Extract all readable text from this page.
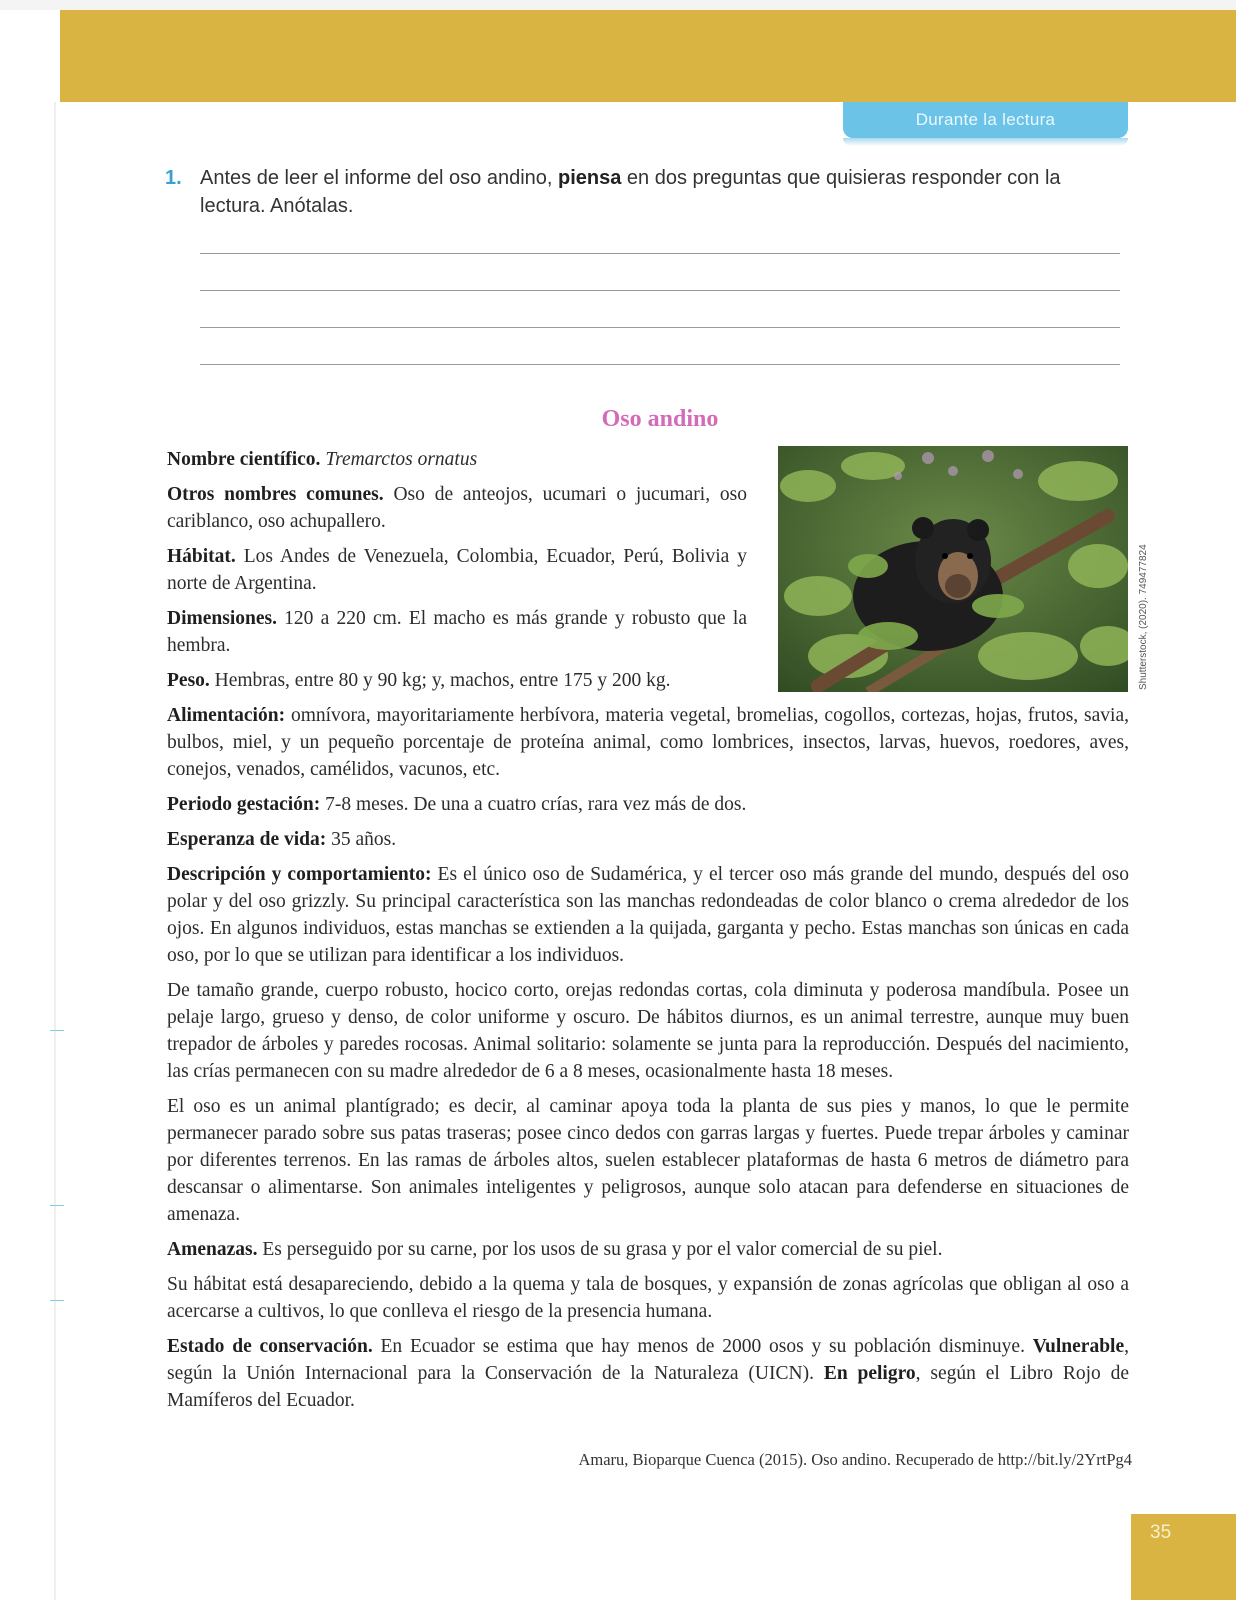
Durante la lectura
1. Antes de leer el informe del oso andino, piensa en dos preguntas que quisieras responder con la lectura. Anótalas.
Oso andino
Shutterstock, (2020). 749477824

Nombre científico. Tremarctos ornatus

Otros nombres comunes. Oso de anteojos, ucumari o jucumari, oso cariblanco, oso achupallero.

Hábitat. Los Andes de Venezuela, Colombia, Ecuador, Perú, Bolivia y norte de Argentina.

Dimensiones. 120 a 220 cm. El macho es más grande y robusto que la hembra.

Peso. Hembras, entre 80 y 90 kg; y, machos, entre 175 y 200 kg.

Alimentación: omnívora, mayoritariamente herbívora, materia vegetal, bromelias, cogollos, cortezas, hojas, frutos, savia, bulbos, miel, y un pequeño porcentaje de proteína animal, como lombrices, insectos, larvas, huevos, roedores, aves, conejos, venados, camélidos, vacunos, etc.

Periodo gestación: 7-8 meses. De una a cuatro crías, rara vez más de dos.

Esperanza de vida: 35 años.

Descripción y comportamiento: Es el único oso de Sudamérica, y el tercer oso más grande del mundo, después del oso polar y del oso grizzly. Su principal característica son las manchas redondeadas de color blanco o crema alrededor de los ojos. En algunos individuos, estas manchas se extienden a la quijada, garganta y pecho. Estas manchas son únicas en cada oso, por lo que se utilizan para identificar a los individuos.

De tamaño grande, cuerpo robusto, hocico corto, orejas redondas cortas, cola diminuta y poderosa mandíbula. Posee un pelaje largo, grueso y denso, de color uniforme y oscuro. De hábitos diurnos, es un animal terrestre, aunque muy buen trepador de árboles y paredes rocosas. Animal solitario: solamente se junta para la reproducción. Después del nacimiento, las crías permanecen con su madre alrededor de 6 a 8 meses, ocasionalmente hasta 18 meses.

El oso es un animal plantígrado; es decir, al caminar apoya toda la planta de sus pies y manos, lo que le permite permanecer parado sobre sus patas traseras; posee cinco dedos con garras largas y fuertes. Puede trepar árboles y caminar por diferentes terrenos. En las ramas de árboles altos, suelen establecer plataformas de hasta 6 metros de diámetro para descansar o alimentarse. Son animales inteligentes y peligrosos, aunque solo atacan para defenderse en situaciones de amenaza.

Amenazas. Es perseguido por su carne, por los usos de su grasa y por el valor comercial de su piel.

Su hábitat está desapareciendo, debido a la quema y tala de bosques, y expansión de zonas agrícolas que obligan al oso a acercarse a cultivos, lo que conlleva el riesgo de la presencia humana.

Estado de conservación. En Ecuador se estima que hay menos de 2000 osos y su población disminuye. Vulnerable, según la Unión Internacional para la Conservación de la Naturaleza (UICN). En peligro, según el Libro Rojo de Mamíferos del Ecuador.

Amaru, Bioparque Cuenca (2015). Oso andino. Recuperado de http://bit.ly/2YrtPg4
35
